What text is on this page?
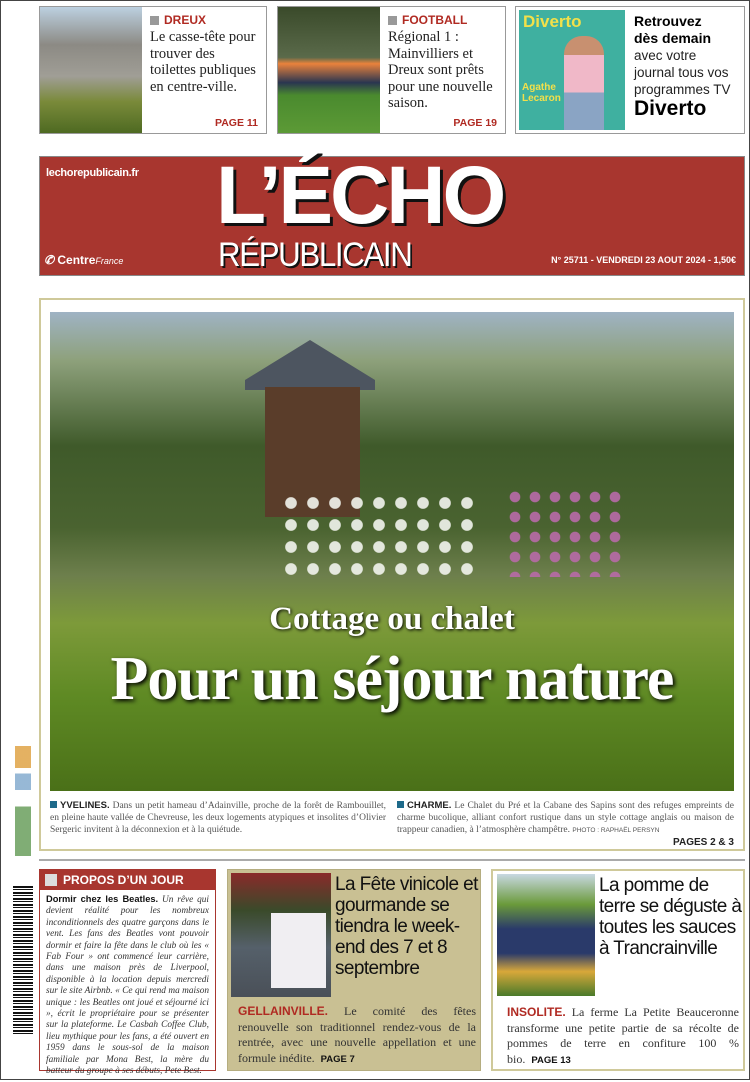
DREUX
Le casse-tête pour trouver des toilettes publiques en centre-ville.
PAGE 11
FOOTBALL
Régional 1 : Mainvilliers et Dreux sont prêts pour une nouvelle saison.
PAGE 19
Diverto
Agathe Lecaron
Retrouvez
dès demain
avec votre journal tous vos programmes TV
Diverto
lechorepublicain.fr
✆ CentreFrance
L’ÉCHO
RÉPUBLICAIN	N° 25711 - VENDREDI 23 AOUT 2024 - 1,50€
Cottage ou chalet
Pour un séjour nature
YVELINES. Dans un petit hameau d’Adainville, proche de la forêt de Rambouillet, en pleine haute vallée de Chevreuse, les deux logements atypiques et insolites d’Olivier Sergeric invitent à la déconnexion et à la quiétude.
CHARME. Le Chalet du Pré et la Cabane des Sapins sont des refuges empreints de charme bucolique, alliant confort rustique dans un style cottage anglais ou maison de trappeur canadien, à l’atmosphère champêtre. PHOTO : RAPHAËL PERSYN
PAGES 2 & 3
PROPOS D’UN JOUR
Dormir chez les Beatles. Un rêve qui devient réalité pour les nombreux inconditionnels des quatre garçons dans le vent. Les fans des Beatles vont pouvoir dormir et faire la fête dans le club où les « Fab Four » ont commencé leur carrière, dans une maison près de Liverpool, disponible à la location depuis mercredi sur le site Airbnb. « Ce qui rend ma maison unique : les Beatles ont joué et séjourné ici », écrit le propriétaire pour se présenter sur la plateforme. Le Casbah Coffee Club, lieu mythique pour les fans, a été ouvert en 1959 dans le sous-sol de la maison familiale par Mona Best, la mère du batteur du groupe à ses débuts, Pete Best.
La Fête vinicole et gourmande se tiendra le week-end des 7 et 8 septembre
GELLAINVILLE. Le comité des fêtes renouvelle son traditionnel rendez-vous de la rentrée, avec une nouvelle appellation et une formule inédite. PAGE 7
La pomme de terre se déguste à toutes les sauces à Trancrainville
INSOLITE. La ferme La Petite Beauceronne transforme une petite partie de sa récolte de pommes de terre en confiture 100 % bio. PAGE 13
